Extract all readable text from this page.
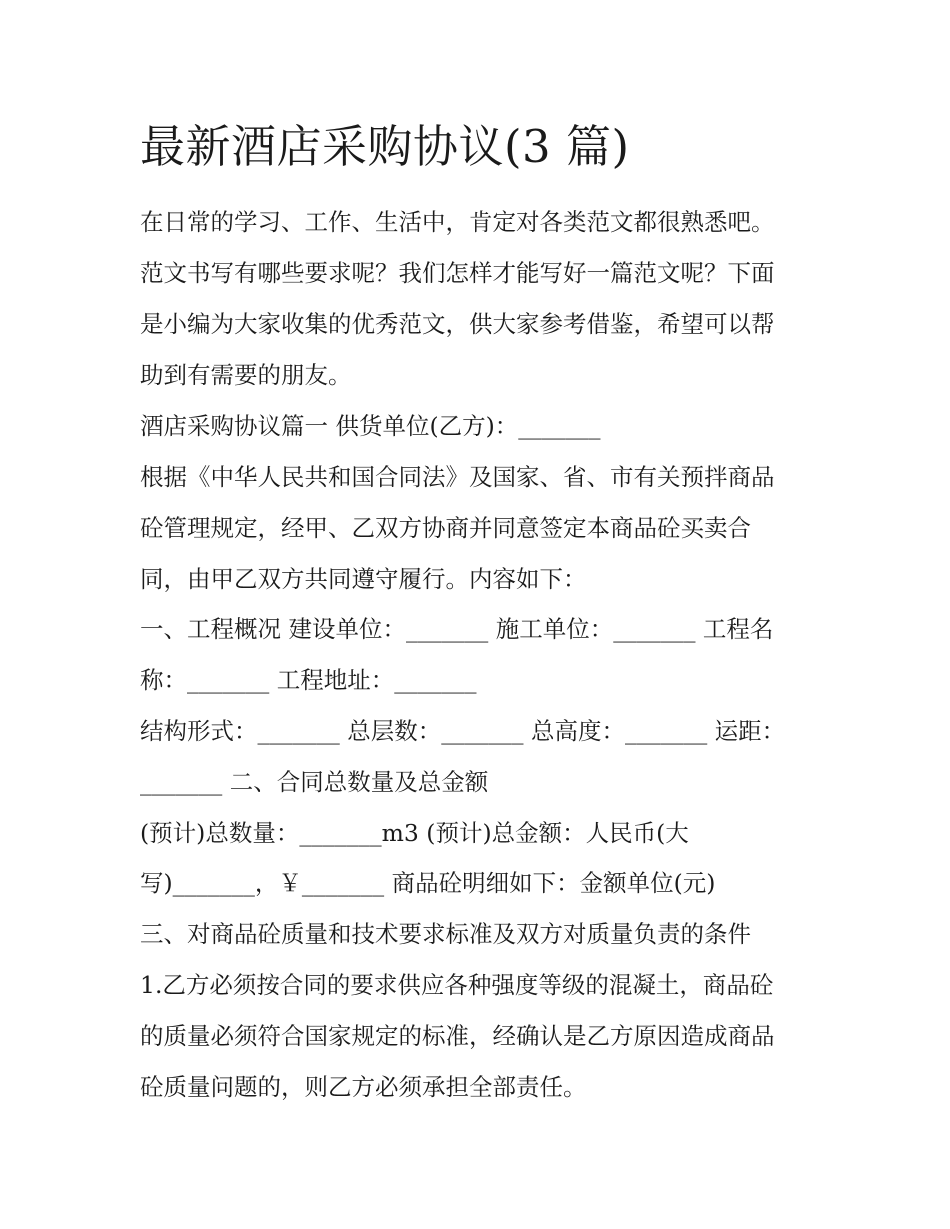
最新酒店采购协议(3 篇)

在日常的学习、工作、生活中，肯定对各类范文都很熟悉吧。

范文书写有哪些要求呢？我们怎样才能写好一篇范文呢？下面

是小编为大家收集的优秀范文，供大家参考借鉴，希望可以帮

助到有需要的朋友。

酒店采购协议篇一 供货单位(乙方)：_______

根据《中华人民共和国合同法》及国家、省、市有关预拌商品

砼管理规定，经甲、乙双方协商并同意签定本商品砼买卖合

同，由甲乙双方共同遵守履行。内容如下：

一、工程概况 建设单位：_______ 施工单位：_______ 工程名

称：_______ 工程地址：_______

结构形式：_______ 总层数：_______ 总高度：_______ 运距：

_______ 二、合同总数量及总金额

(预计)总数量：_______m3 (预计)总金额：人民币(大

写)_______，￥_______ 商品砼明细如下：金额单位(元)

三、对商品砼质量和技术要求标准及双方对质量负责的条件

1.乙方必须按合同的要求供应各种强度等级的混凝土，商品砼

的质量必须符合国家规定的标准，经确认是乙方原因造成商品

砼质量问题的，则乙方必须承担全部责任。
